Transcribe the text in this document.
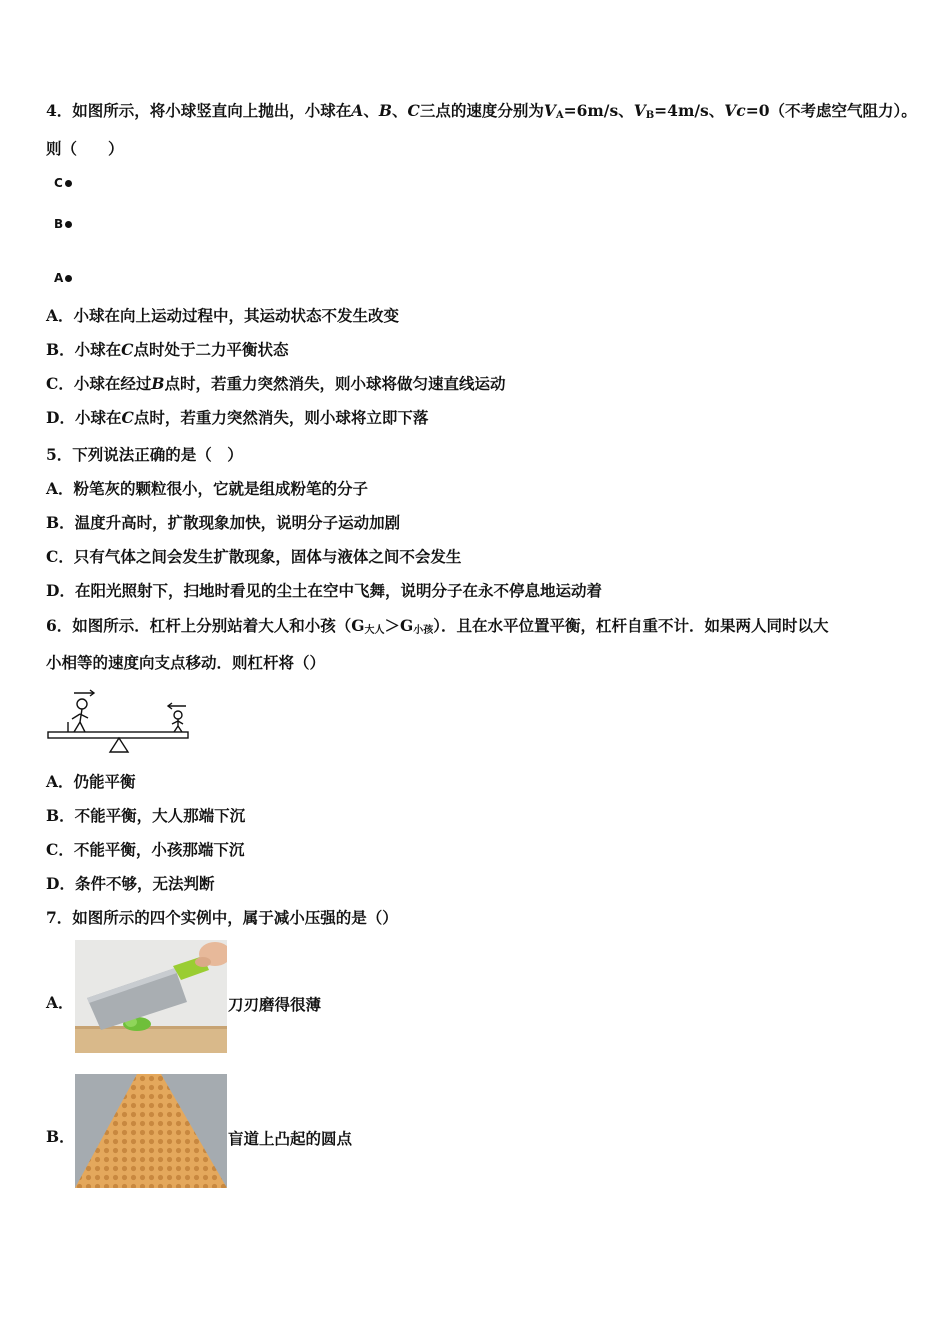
4．如图所示，将小球竖直向上抛出，小球在A、B、C三点的速度分别为$V_A=6m/s$、$V_B=4m/s$、Vc=0（不考虑空气阻力）。
则（　　）
C
B
A
A．小球在向上运动过程中，其运动状态不发生改变
B．小球在C点时处于二力平衡状态
C．小球在经过B点时，若重力突然消失，则小球将做匀速直线运动
D．小球在C点时，若重力突然消失，则小球将立即下落
5．下列说法正确的是（　）
A．粉笔灰的颗粒很小，它就是组成粉笔的分子
B．温度升高时，扩散现象加快，说明分子运动加剧
C．只有气体之间会发生扩散现象，固体与液体之间不会发生
D．在阳光照射下，扫地时看见的尘土在空中飞舞，说明分子在永不停息地运动着
6．如图所示．杠杆上分别站着大人和小孩$(G_{大人}>G_{小孩})$．且在水平位置平衡，杠杆自重不计．如果两人同时以大
小相等的速度向支点移动．则杠杆将（）
A．仍能平衡
B．不能平衡，大人那端下沉
C．不能平衡，小孩那端下沉
D．条件不够，无法判断
7．如图所示的四个实例中，属于减小压强的是（）
A．	刀刃磨得很薄
B．	盲道上凸起的圆点
